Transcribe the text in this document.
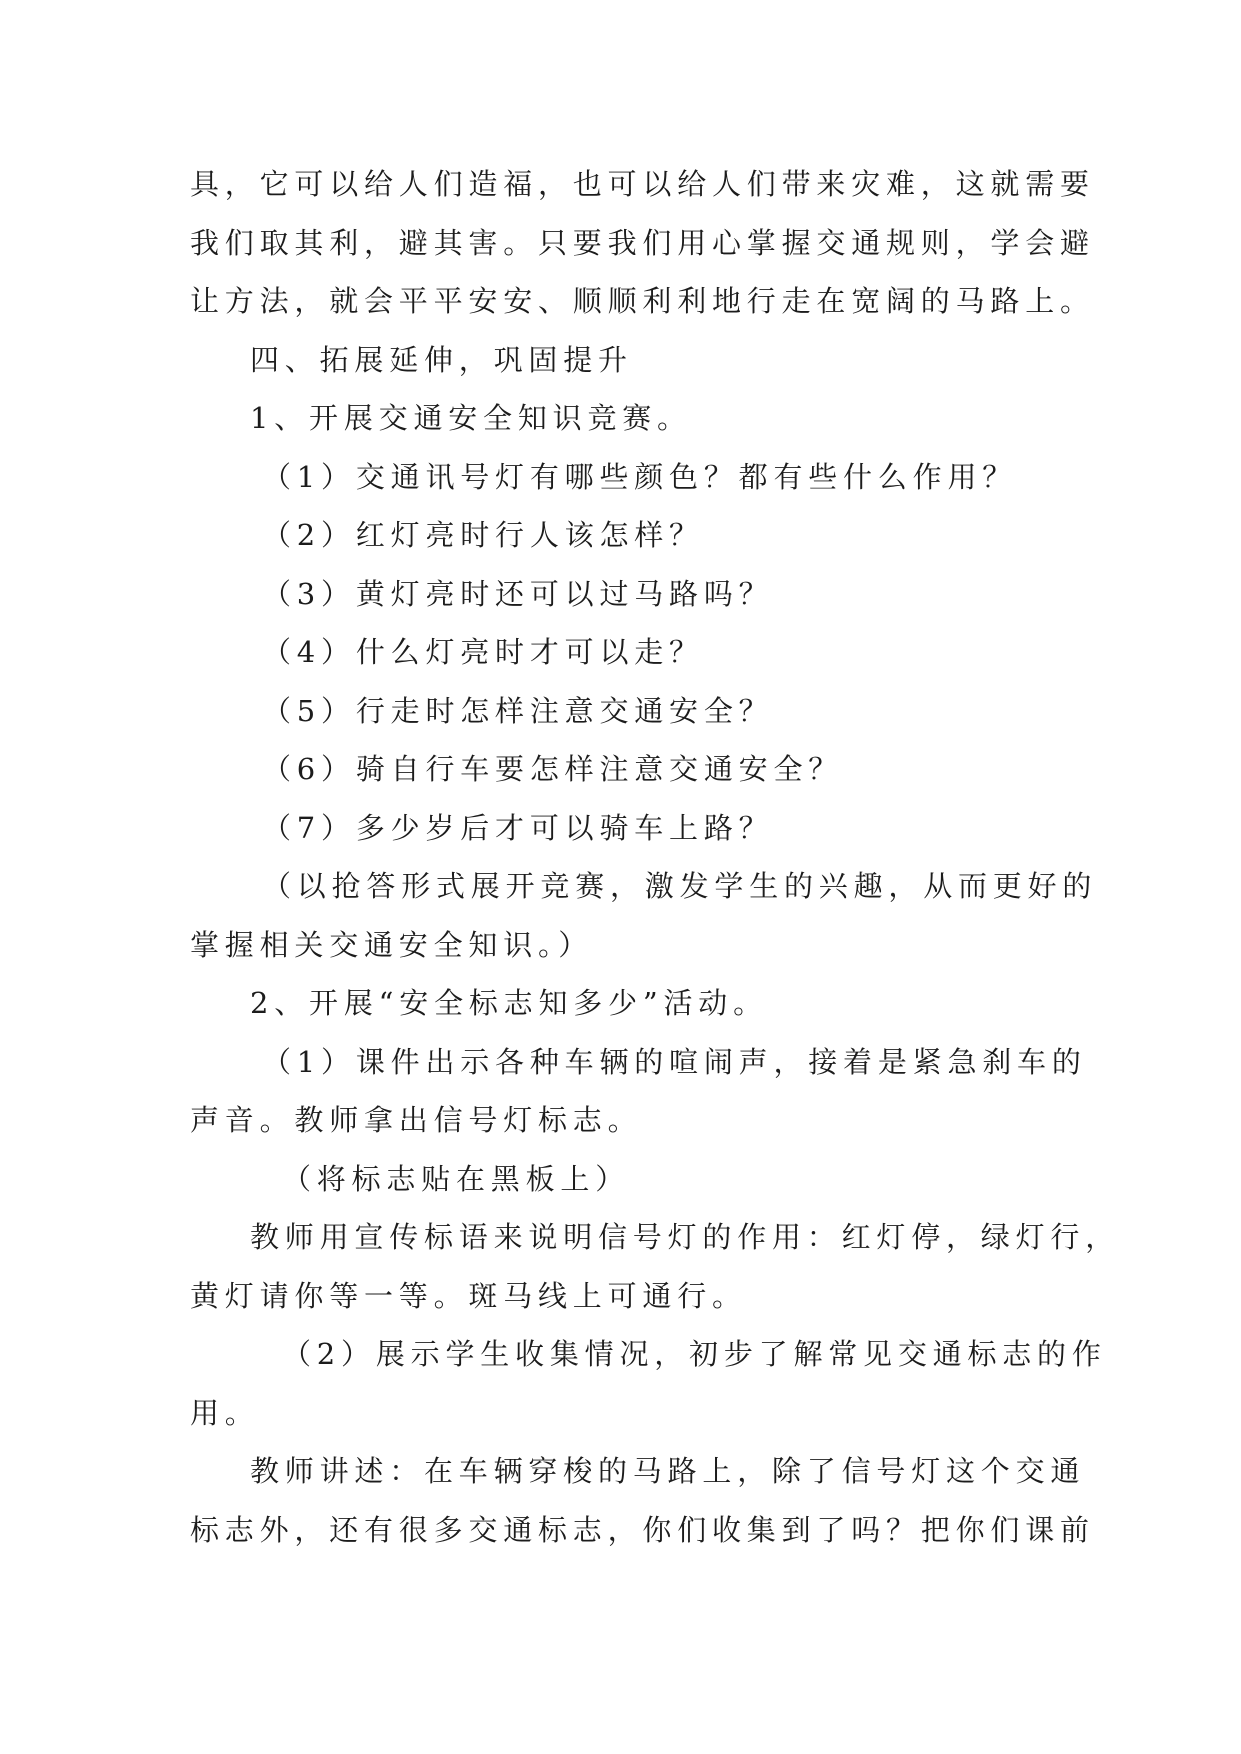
具，它可以给人们造福，也可以给人们带来灾难，这就需要

我们取其利，避其害。只要我们用心掌握交通规则，学会避

让方法，就会平平安安、顺顺利利地行走在宽阔的马路上。

四、拓展延伸，巩固提升

1、开展交通安全知识竞赛。

（1）交通讯号灯有哪些颜色？都有些什么作用？

（2）红灯亮时行人该怎样？

（3）黄灯亮时还可以过马路吗？

（4）什么灯亮时才可以走？

（5）行走时怎样注意交通安全？

（6）骑自行车要怎样注意交通安全？

（7）多少岁后才可以骑车上路？

（以抢答形式展开竞赛，激发学生的兴趣，从而更好的

掌握相关交通安全知识。）

2、开展“安全标志知多少”活动。

（1）课件出示各种车辆的喧闹声，接着是紧急刹车的

声音。教师拿出信号灯标志。

（将标志贴在黑板上）

教师用宣传标语来说明信号灯的作用：红灯停，绿灯行，

黄灯请你等一等。斑马线上可通行。

（2）展示学生收集情况，初步了解常见交通标志的作

用。

教师讲述：在车辆穿梭的马路上，除了信号灯这个交通

标志外，还有很多交通标志，你们收集到了吗？把你们课前
